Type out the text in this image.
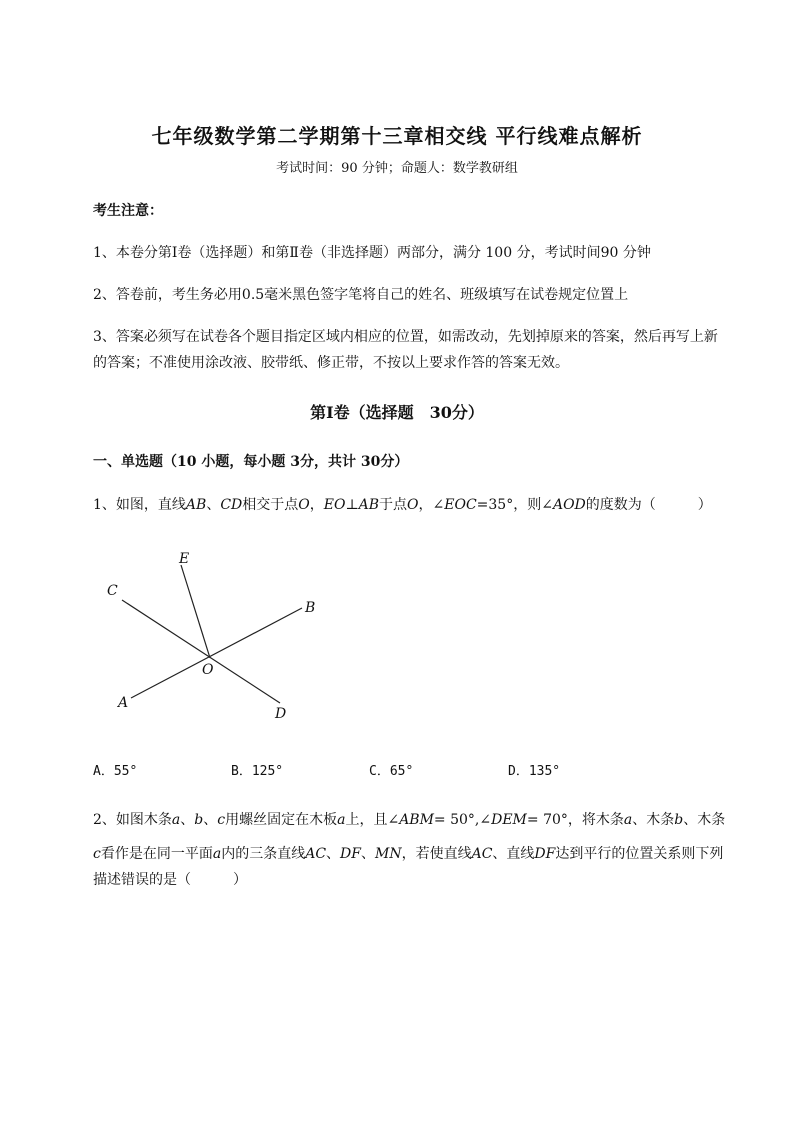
七年级数学第二学期第十三章相交线 平行线难点解析
考试时间：90 分钟；命题人：数学教研组
考生注意：
1、本卷分第Ⅰ卷（选择题）和第Ⅱ卷（非选择题）两部分，满分 100 分，考试时间90 分钟
2、答卷前，考生务必用0.5毫米黑色签字笔将自己的姓名、班级填写在试卷规定位置上
3、答案必须写在试卷各个题目指定区域内相应的位置，如需改动，先划掉原来的答案，然后再写上新
的答案；不准使用涂改液、胶带纸、修正带，不按以上要求作答的答案无效。
第Ⅰ卷（选择题　30分）
一、单选题（10 小题，每小题 3分，共计 30分）
1、如图，直线AB、CD相交于点O，EO⊥AB于点O，∠EOC=35°，则∠AOD的度数为（　　　）
E
C
B
O
A
D
A．55°	B．125°	C．65°	D．135°
2、如图木条a、b、c用螺丝固定在木板a上，且∠ABM= 50°,∠DEM= 70°，将木条a、木条b、木条
c看作是在同一平面a内的三条直线AC、DF、MN，若使直线AC、直线DF达到平行的位置关系则下列
描述错误的是（　　　）
